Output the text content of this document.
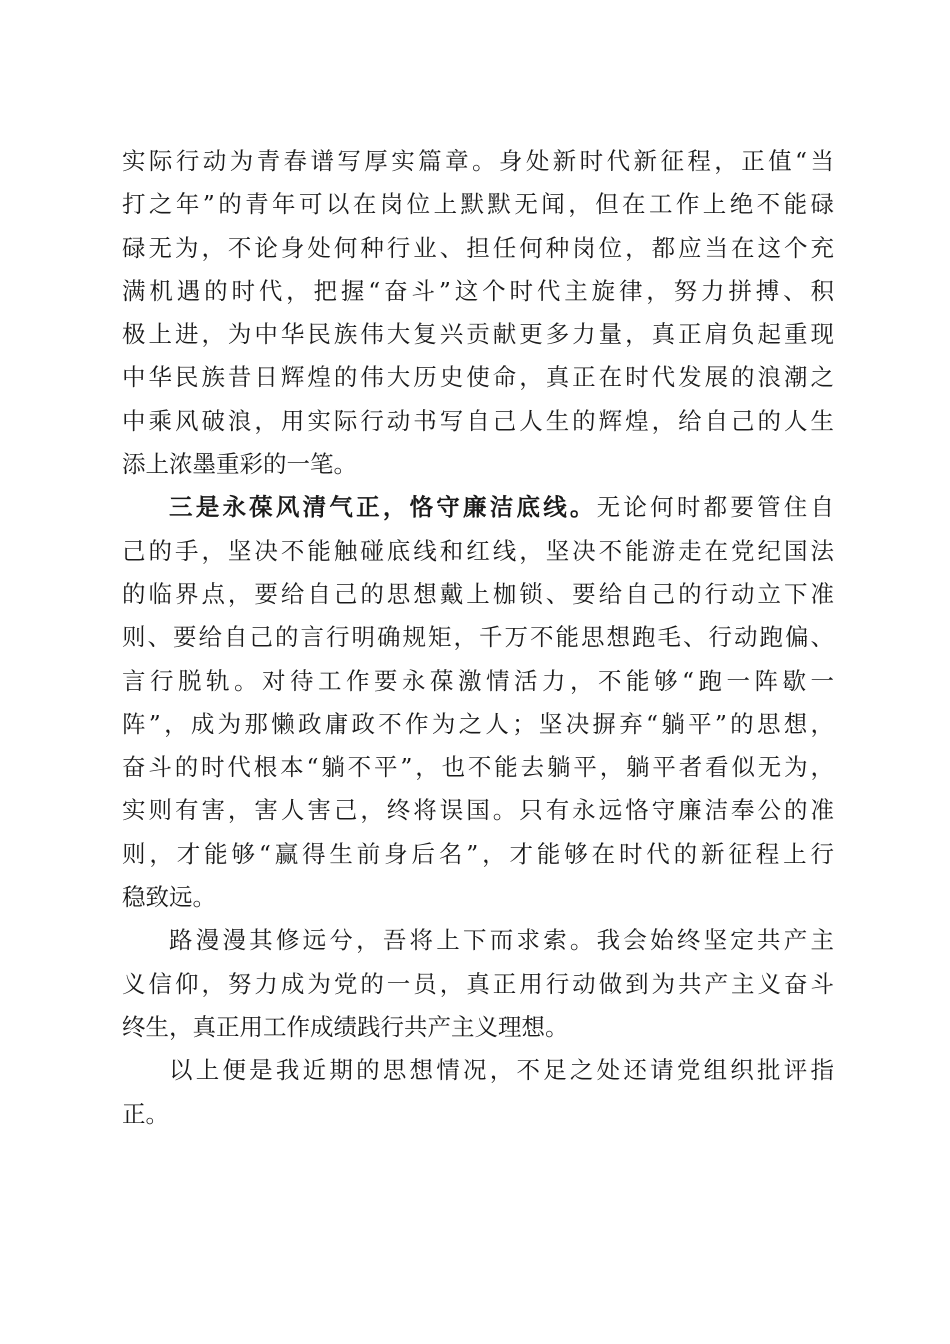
实际行动为青春谱写厚实篇章。身处新时代新征程，正值“当
打之年”的青年可以在岗位上默默无闻，但在工作上绝不能碌
碌无为，不论身处何种行业、担任何种岗位，都应当在这个充
满机遇的时代，把握“奋斗”这个时代主旋律，努力拼搏、积
极上进，为中华民族伟大复兴贡献更多力量，真正肩负起重现
中华民族昔日辉煌的伟大历史使命，真正在时代发展的浪潮之
中乘风破浪，用实际行动书写自己人生的辉煌，给自己的人生
添上浓墨重彩的一笔。
三是永葆风清气正，恪守廉洁底线。无论何时都要管住自
己的手，坚决不能触碰底线和红线，坚决不能游走在党纪国法
的临界点，要给自己的思想戴上枷锁、要给自己的行动立下准
则、要给自己的言行明确规矩，千万不能思想跑毛、行动跑偏、
言行脱轨。对待工作要永葆激情活力，不能够“跑一阵歇一
阵”，成为那懒政庸政不作为之人；坚决摒弃“躺平”的思想，
奋斗的时代根本“躺不平”，也不能去躺平，躺平者看似无为，
实则有害，害人害己，终将误国。只有永远恪守廉洁奉公的准
则，才能够“赢得生前身后名”，才能够在时代的新征程上行
稳致远。
路漫漫其修远兮，吾将上下而求索。我会始终坚定共产主
义信仰，努力成为党的一员，真正用行动做到为共产主义奋斗
终生，真正用工作成绩践行共产主义理想。
以上便是我近期的思想情况，不足之处还请党组织批评指
正。
